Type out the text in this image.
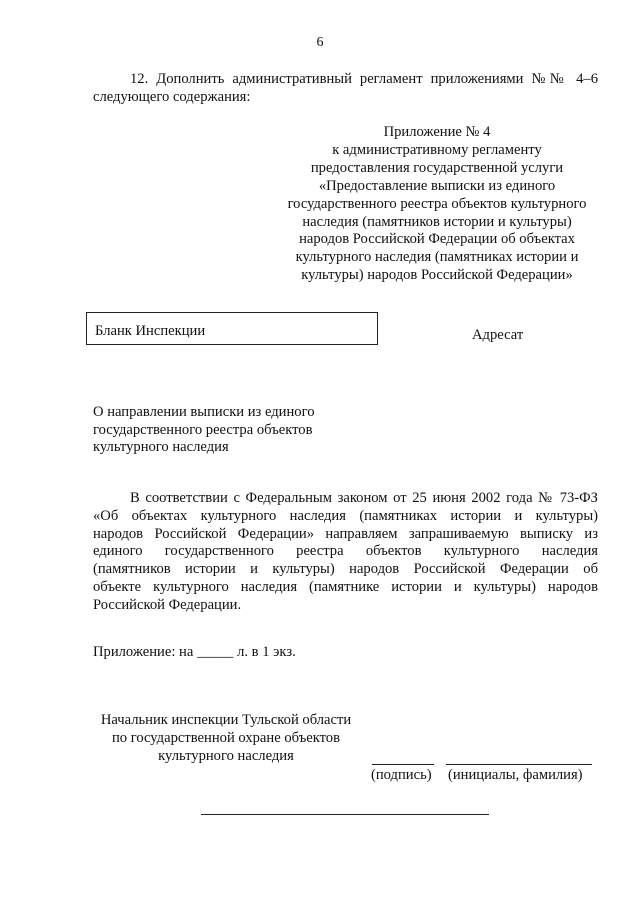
6
12. Дополнить административный регламент приложениями №№ 4–6
следующего содержания:
Приложение № 4
к административному регламенту
предоставления государственной услуги
«Предоставление выписки из единого
государственного реестра объектов культурного
наследия (памятников истории и культуры)
народов Российской Федерации об объектах
культурного наследия (памятниках истории и
культуры) народов Российской Федерации»
Бланк Инспекции	Адресат
О направлении выписки из единого
государственного реестра объектов
культурного наследия
В соответствии с Федеральным законом от 25 июня 2002 года № 73-ФЗ
«Об объектах культурного наследия (памятниках истории и культуры)
народов Российской Федерации» направляем запрашиваемую выписку из
единого государственного реестра объектов культурного наследия
(памятников истории и культуры) народов Российской Федерации об
объекте культурного наследия (памятнике истории и культуры) народов
Российской Федерации.
Приложение: на _____ л. в 1 экз.
Начальник инспекции Тульской области
по государственной охране объектов
культурного наследия
(подпись) (инициалы, фамилия)
